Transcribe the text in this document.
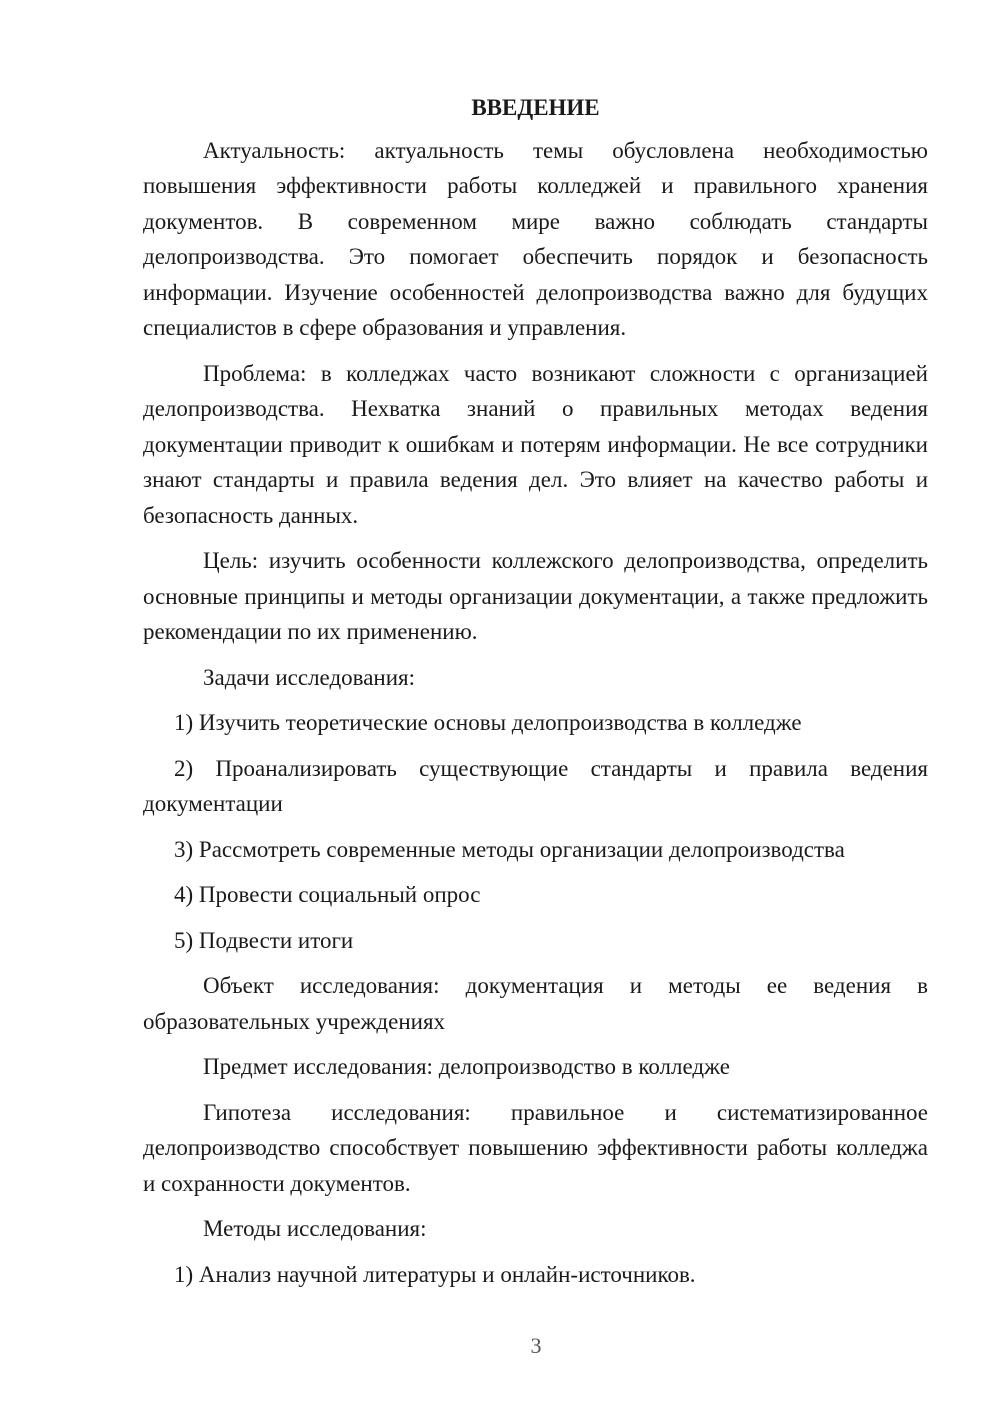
ВВЕДЕНИЕ

Актуальность: актуальность темы обусловлена необходимостью повышения эффективности работы колледжей и правильного хранения документов. В современном мире важно соблюдать стандарты делопроизводства. Это помогает обеспечить порядок и безопасность информации. Изучение особенностей делопроизводства важно для будущих специалистов в сфере образования и управления.

Проблема: в колледжах часто возникают сложности с организацией делопроизводства. Нехватка знаний о правильных методах ведения документации приводит к ошибкам и потерям информации. Не все сотрудники знают стандарты и правила ведения дел. Это влияет на качество работы и безопасность данных.

Цель: изучить особенности коллежского делопроизводства, определить основные принципы и методы организации документации, а также предложить рекомендации по их применению.

Задачи исследования:

1) Изучить теоретические основы делопроизводства в колледже

2) Проанализировать существующие стандарты и правила ведения документации

3) Рассмотреть современные методы организации делопроизводства

4) Провести социальный опрос

5) Подвести итоги

Объект исследования: документация и методы ее ведения в образовательных учреждениях

Предмет исследования: делопроизводство в колледже

Гипотеза исследования: правильное и систематизированное делопроизводство способствует повышению эффективности работы колледжа и сохранности документов.

Методы исследования:

1) Анализ научной литературы и онлайн-источников.

3
